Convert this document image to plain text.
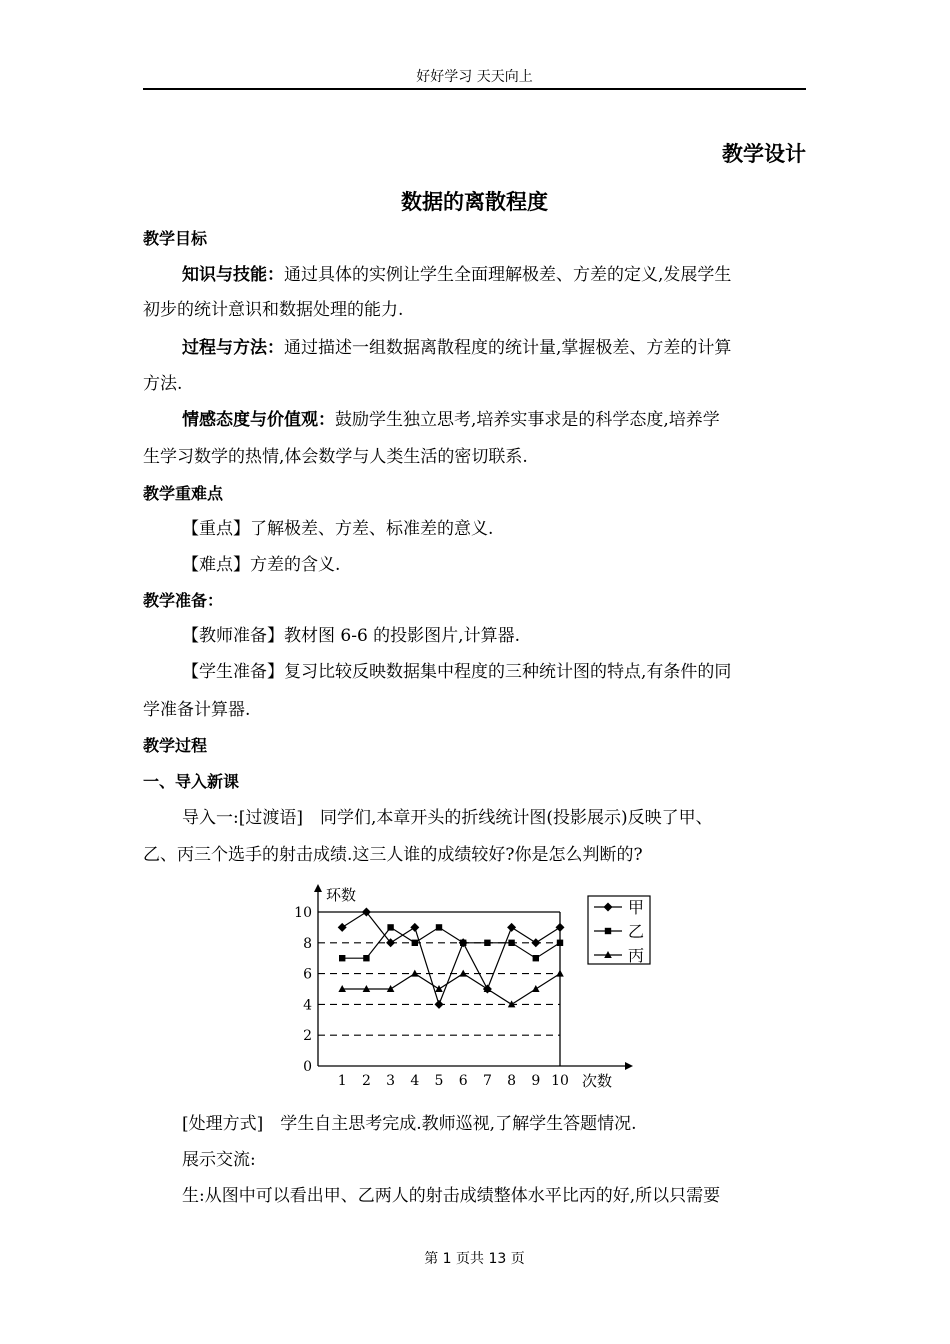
好好学习 天天向上
教学设计
数据的离散程度
教学目标
知识与技能：通过具体的实例让学生全面理解极差、方差的定义,发展学生
初步的统计意识和数据处理的能力.
过程与方法：通过描述一组数据离散程度的统计量,掌握极差、方差的计算
方法.
情感态度与价值观：鼓励学生独立思考,培养实事求是的科学态度,培养学
生学习数学的热情,体会数学与人类生活的密切联系.
教学重难点
【重点】了解极差、方差、标准差的意义.
【难点】方差的含义.
教学准备：
【教师准备】教材图 6-6 的投影图片,计算器.
【学生准备】复习比较反映数据集中程度的三种统计图的特点,有条件的同
学准备计算器.
教学过程
一、导入新课
导入一:[过渡语]　同学们,本章开头的折线统计图(投影展示)反映了甲、
乙、丙三个选手的射击成绩.这三人谁的成绩较好?你是怎么判断的?
环数
次数
1 2 3 4 5 6 7 8 9 10
0
2
4
6
8
10	甲
乙
丙
[处理方式]　学生自主思考完成.教师巡视,了解学生答题情况.
展示交流:
生:从图中可以看出甲、乙两人的射击成绩整体水平比丙的好,所以只需要
第 1 页共 13 页
